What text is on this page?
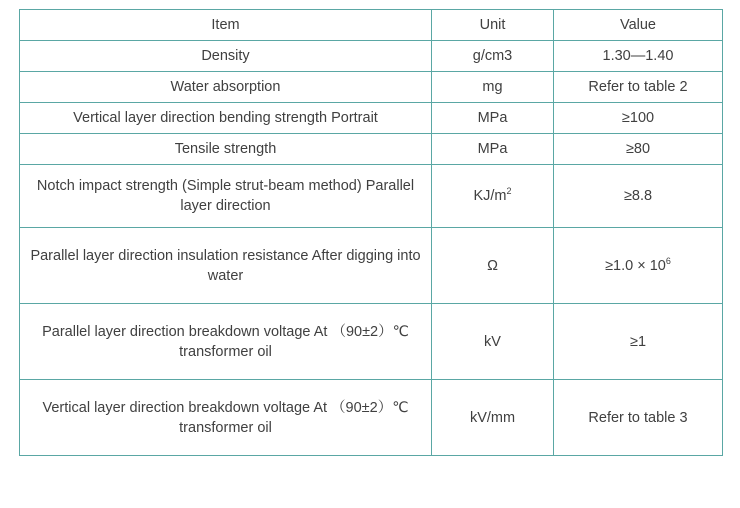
Item	Unit	Value
Density	g/cm3	1.30—1.40
Water absorption	mg	Refer to table 2
Vertical layer direction bending strength Portrait	MPa	≥100
Tensile strength	MPa	≥80
Notch impact strength (Simple strut-beam method) Parallel layer direction	$KJ/m^2$	≥8.8
Parallel layer direction insulation resistance After digging into water	Ω	$\ge 1.0 \times 10^6$
Parallel layer direction breakdown voltage At （90±2）℃ transformer oil	kV	≥1
Vertical layer direction breakdown voltage At （90±2）℃ transformer oil	kV/mm	Refer to table 3
